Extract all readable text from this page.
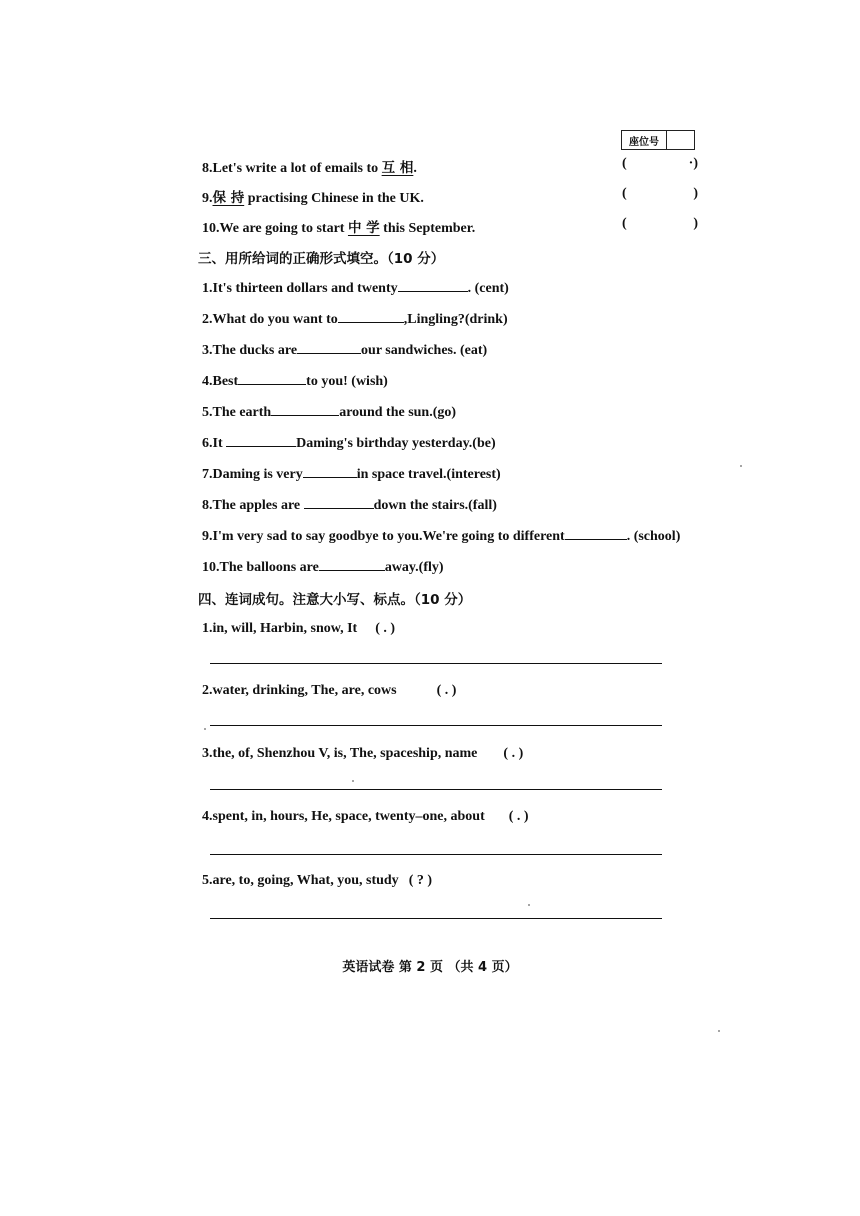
座位号
8.Let's write a lot of emails to 互 相.	(	·)
9.保 持 practising Chinese in the UK.	(	)
10.We are going to start 中 学 this September.	(	)
三、用所给词的正确形式填空。（10 分）
1.It's thirteen dollars and twenty	. (cent)
2.What do you want to	,Lingling?(drink)
3.The ducks are	our sandwiches. (eat)
4.Best	to you! (wish)
5.The earth	around the sun.(go)
6.It	Daming's birthday yesterday.(be)
7.Daming is very	in space travel.(interest)
8.The apples are	down the stairs.(fall)
9.I'm very sad to say goodbye to you.We're going to different	. (school)
10.The balloons are	away.(fly)
四、连词成句。注意大小写、标点。（10 分）
1.in, will, Harbin, snow, It ( . )
2.water, drinking, The, are, cows	( . )
3.the, of, Shenzhou V, is, The, spaceship, name ( . )
4.spent, in, hours, He, space, twenty–one, about ( . )
5.are, to, going, What, you, study ( ? )
英语试卷 第 2 页 （共 4 页）
